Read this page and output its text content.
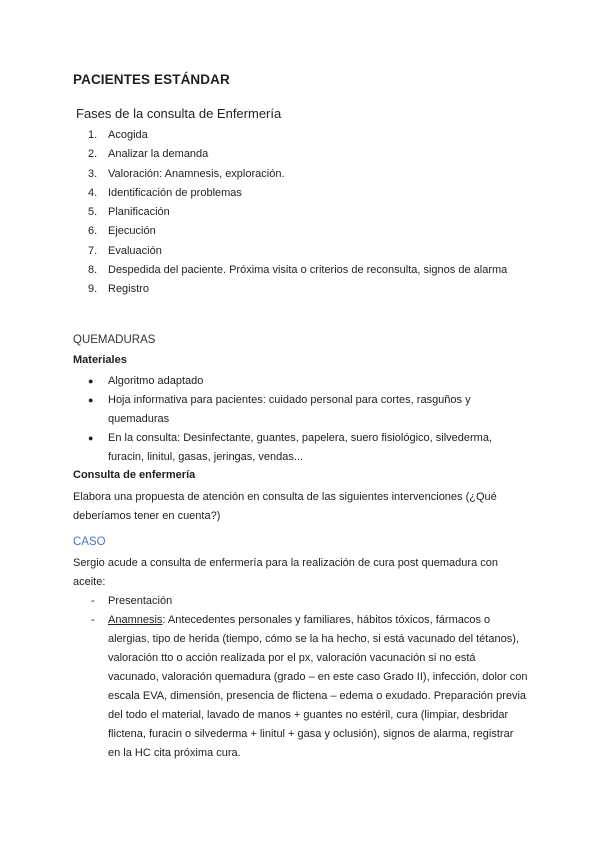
PACIENTES ESTÁNDAR
Fases de la consulta de Enfermería
1. Acogida
2. Analizar la demanda
3. Valoración: Anamnesis, exploración.
4. Identificación de problemas
5. Planificación
6. Ejecución
7. Evaluación
8. Despedida del paciente. Próxima visita o criterios de reconsulta, signos de alarma
9. Registro
QUEMADURAS

Materiales

● Algoritmo adaptado
● Hoja informativa para pacientes: cuidado personal para cortes, rasguños y quemaduras
● En la consulta: Desinfectante, guantes, papelera, suero fisiológico, silvederma, furacin, linitul, gasas, jeringas, vendas...

Consulta de enfermería

Elabora una propuesta de atención en consulta de las siguientes intervenciones (¿Qué deberíamos tener en cuenta?)

CASO

Sergio acude a consulta de enfermería para la realización de cura post quemadura con aceite:

- Presentación
- Anamnesis: Antecedentes personales y familiares, hábitos tóxicos, fármacos o alergias, tipo de herida (tiempo, cómo se la ha hecho, si está vacunado del tétanos), valoración tto o acción realizada por el px, valoración vacunación si no está vacunado, valoración quemadura (grado – en este caso Grado II), infección, dolor con escala EVA, dimensión, presencia de flictena – edema o exudado. Preparación previa del todo el material, lavado de manos + guantes no estéril, cura (limpiar, desbridar flictena, furacin o silvederma + linitul + gasa y oclusión), signos de alarma, registrar en la HC cita próxima cura.
